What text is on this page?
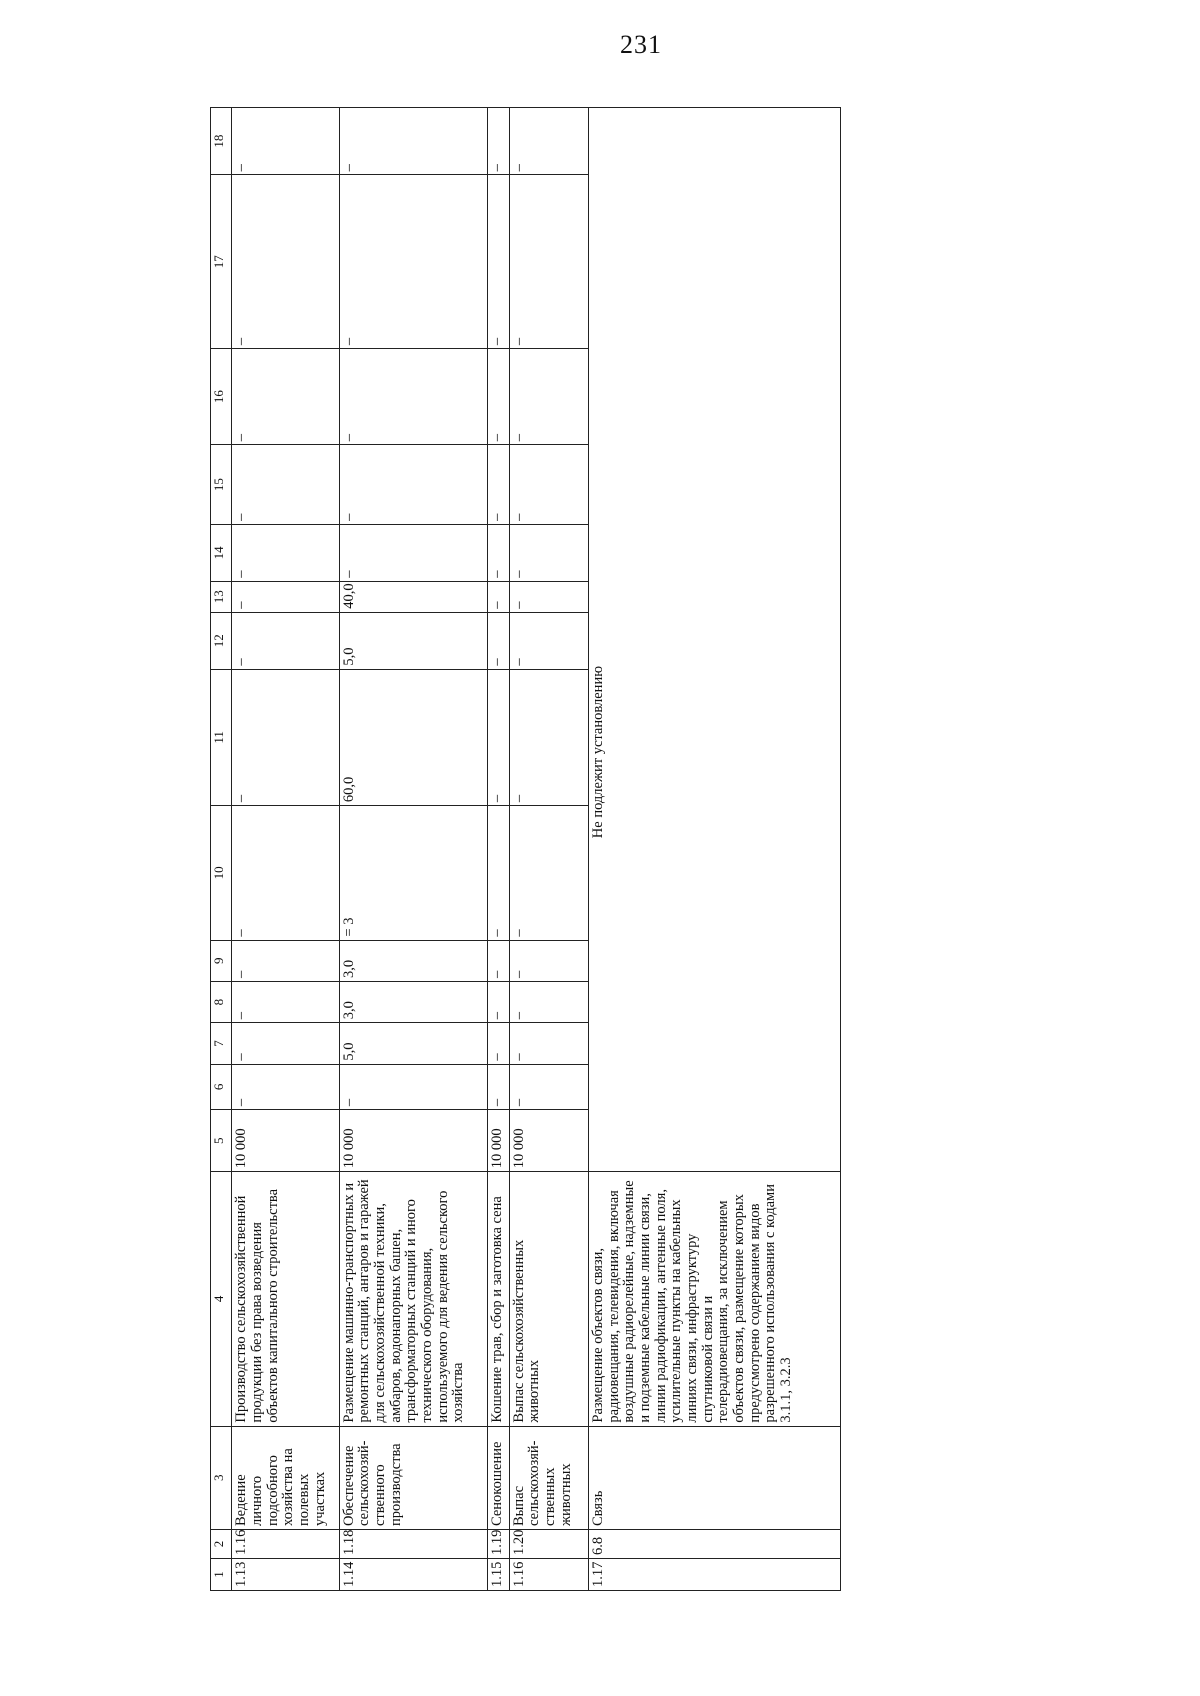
231
1	2	3	4	5	6	7	8	9	10	11	12	13	14	15	16	17	18
1.13	1.16	Ведение личного подсобного хозяйства на полевых участках	Производство сельскохозяйственной продукции без права возведения объектов капитального строительства	10 000	–	–	–	–	–	–	–	–	–	–	–	–	–
1.14	1.18	Обеспечение сельскохозяй-ственного производства	Размещение машинно-транспортных и ремонтных станций, ангаров и гаражей для сельскохозяйственной техники, амбаров, водонапорных башен, трансформаторных станций и иного технического оборудования, используемого для ведения сельского хозяйства	10 000	–	5,0	3,0	3,0	= 3	60,0	5,0	40,0	–	–	–	–	–
1.15	1.19	Сенокошение	Кошение трав, сбор и заготовка сена	10 000	–	–	–	–	–	–	–	–	–	–	–	–	–
1.16	1.20	Выпас сельскохозяй-ственных животных	Выпас сельскохозяйственных животных	10 000	–	–	–	–	–	–	–	–	–	–	–	–	–
1.17	6.8	Связь	Размещение объектов связи, радиовещания, телевидения, включая воздушные радиорелейные, надземные и подземные кабельные линии связи, линии радиофикации, антенные поля, усилительные пункты на кабельных линиях связи, инфраструктуру спутниковой связи и телерадиовещания, за исключением объектов связи, размещение которых предусмотрено содержанием видов разрешенного использования с кодами 3.1.1, 3.2.3	Не подлежит установлению													
